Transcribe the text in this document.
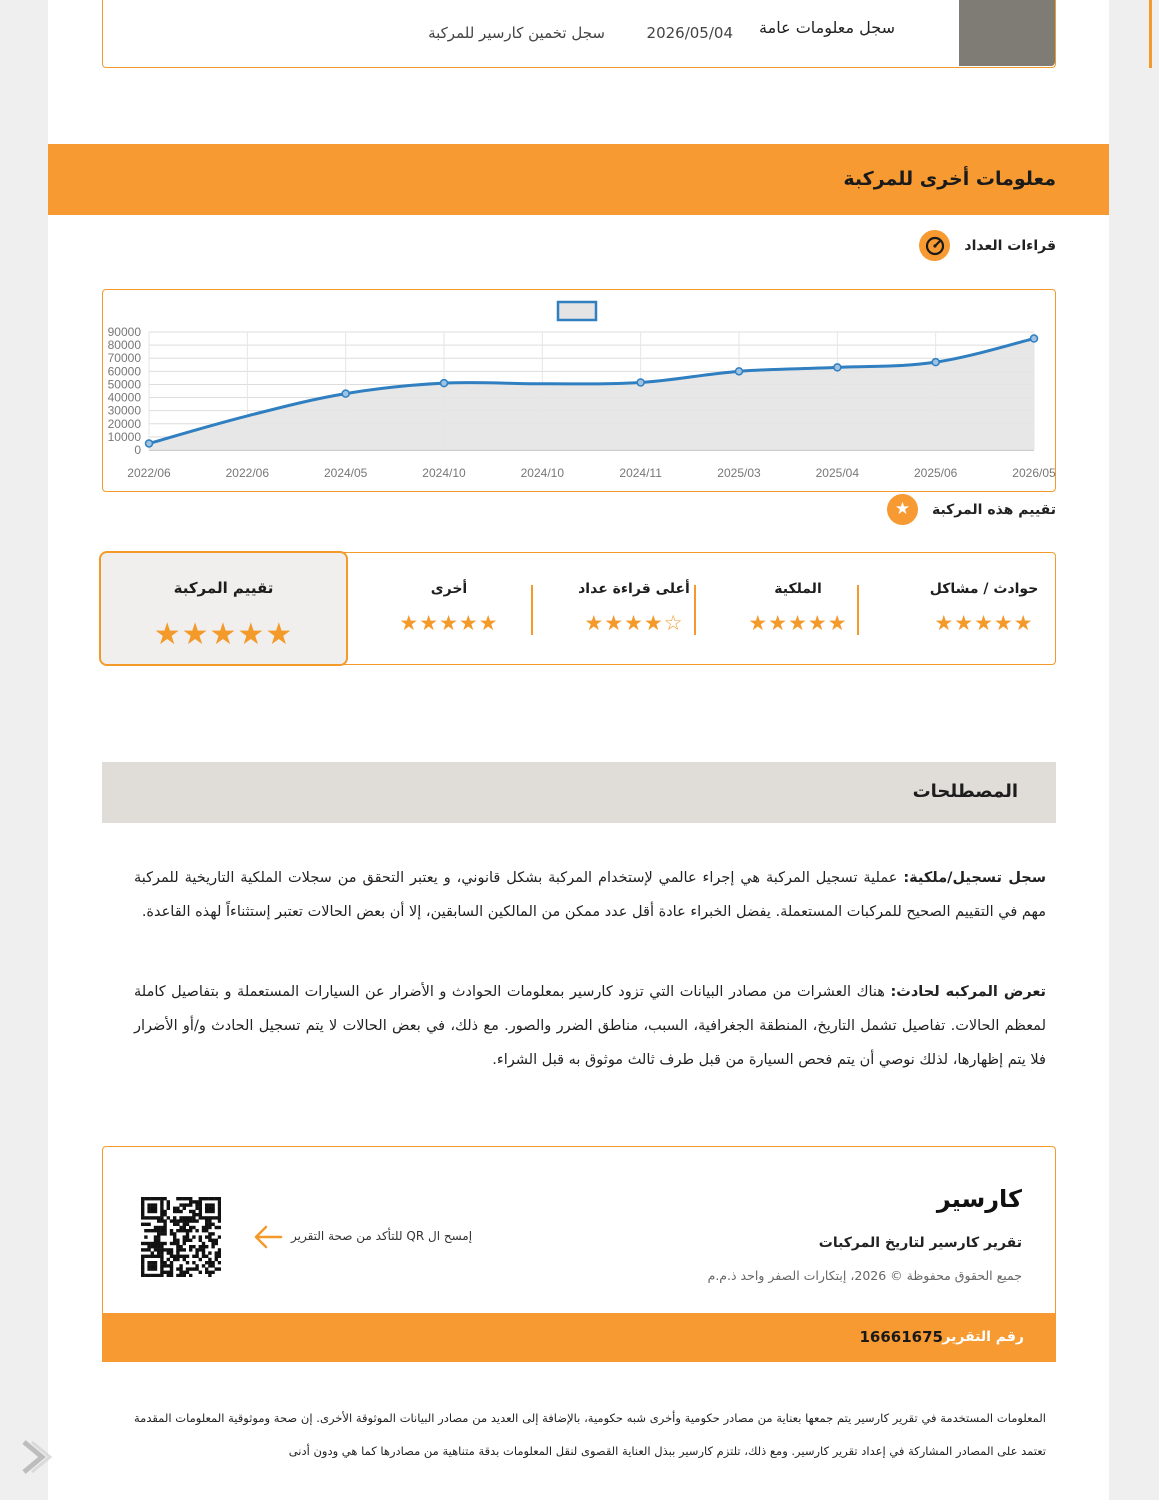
سجل معلومات عامة
2026/05/04
سجل تخمين كارسير للمركبة
معلومات أخرى للمركبة
قراءات العداد
0
10000
20000
30000
40000
50000
60000
70000
80000
90000
2022/06	2022/06	2024/05	2024/10	2024/10	2024/11	2025/03	2025/04	2025/06	2026/05
★ تقييم هذه المركبة
حوادث / مشاكل
★★★★★
الملكية
★★★★★
أعلى قراءة عداد
★★★★☆
أخرى
★★★★★
تقييم المركبة
★★★★★
المصطلحات
سجل تسجيل/ملكية: عملية تسجيل المركبة هي إجراء عالمي لإستخدام المركبة بشكل قانوني، و يعتبر التحقق من سجلات الملكية التاريخية للمركبة مهم في التقييم الصحيح للمركبات المستعملة. يفضل الخبراء عادة أقل عدد ممكن من المالكين السابقين، إلا أن بعض الحالات تعتبر إستثناءاً لهذه القاعدة.
تعرض المركبه لحادث: هناك العشرات من مصادر البيانات التي تزود كارسير بمعلومات الحوادث و الأضرار عن السيارات المستعملة و بتفاصيل كاملة لمعظم الحالات. تفاصيل تشمل التاريخ، المنطقة الجغرافية، السبب، مناطق الضرر والصور. مع ذلك، في بعض الحالات لا يتم تسجيل الحادث و/أو الأضرار فلا يتم إظهارها، لذلك نوصي أن يتم فحص السيارة من قبل طرف ثالث موثوق به قبل الشراء.
كارسير
تقرير كارسير لتاريخ المركبات
جميع الحقوق محفوظة © 2026، إبتكارات الصفر واحد ذ.م.م
إمسح ال QR للتأكد من صحة التقرير
رقم التقرير
16661675
المعلومات المستخدمة في تقرير كارسير يتم جمعها بعناية من مصادر حكومية وأخرى شبه حكومية، بالإضافة إلى العديد من مصادر البيانات الموثوقة الأخرى. إن صحة وموثوقية المعلومات المقدمة تعتمد على المصادر المشاركة في إعداد تقرير كارسير. ومع ذلك، تلتزم كارسير ببذل العناية القصوى لنقل المعلومات بدقة متناهية من مصادرها كما هي ودون أدنى
